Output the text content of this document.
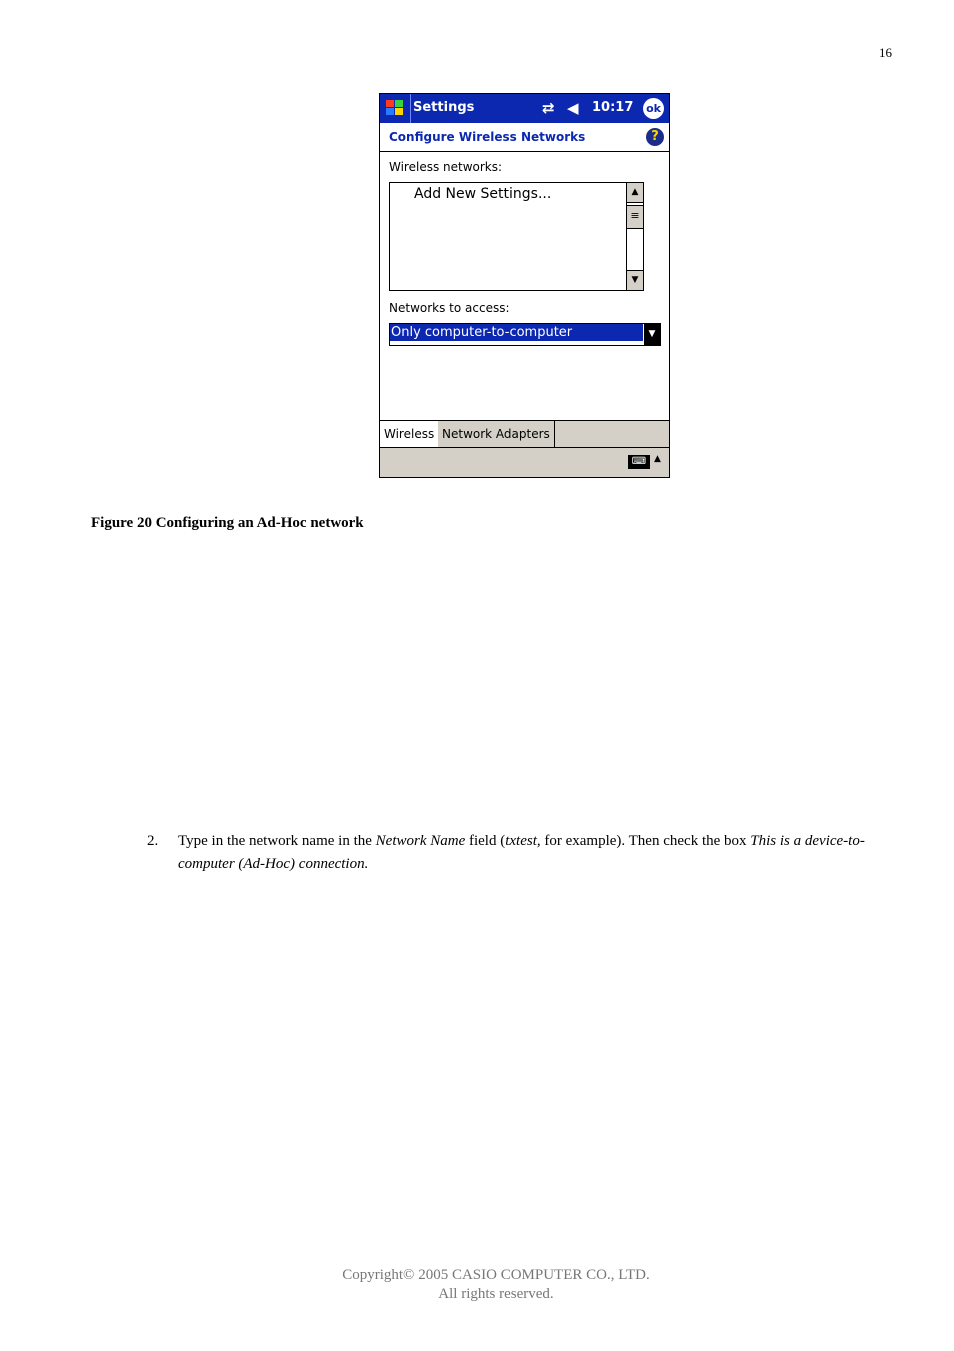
16
Settings	⇄ ◀ 10:17 ok
Configure Wireless Networks	?
Wireless networks:
Add New Settings...	▲
≡
▼
Networks to access:
Only computer-to-computer	▼
Wireless Network Adapters
⌨ ▲
Figure 20 Configuring an Ad-Hoc network
2. Type in the network name in the Network Name field (txtest, for example). Then check the box This is a device-to-computer (Ad-Hoc) connection.
Copyright© 2005 CASIO COMPUTER CO., LTD.
All rights reserved.
